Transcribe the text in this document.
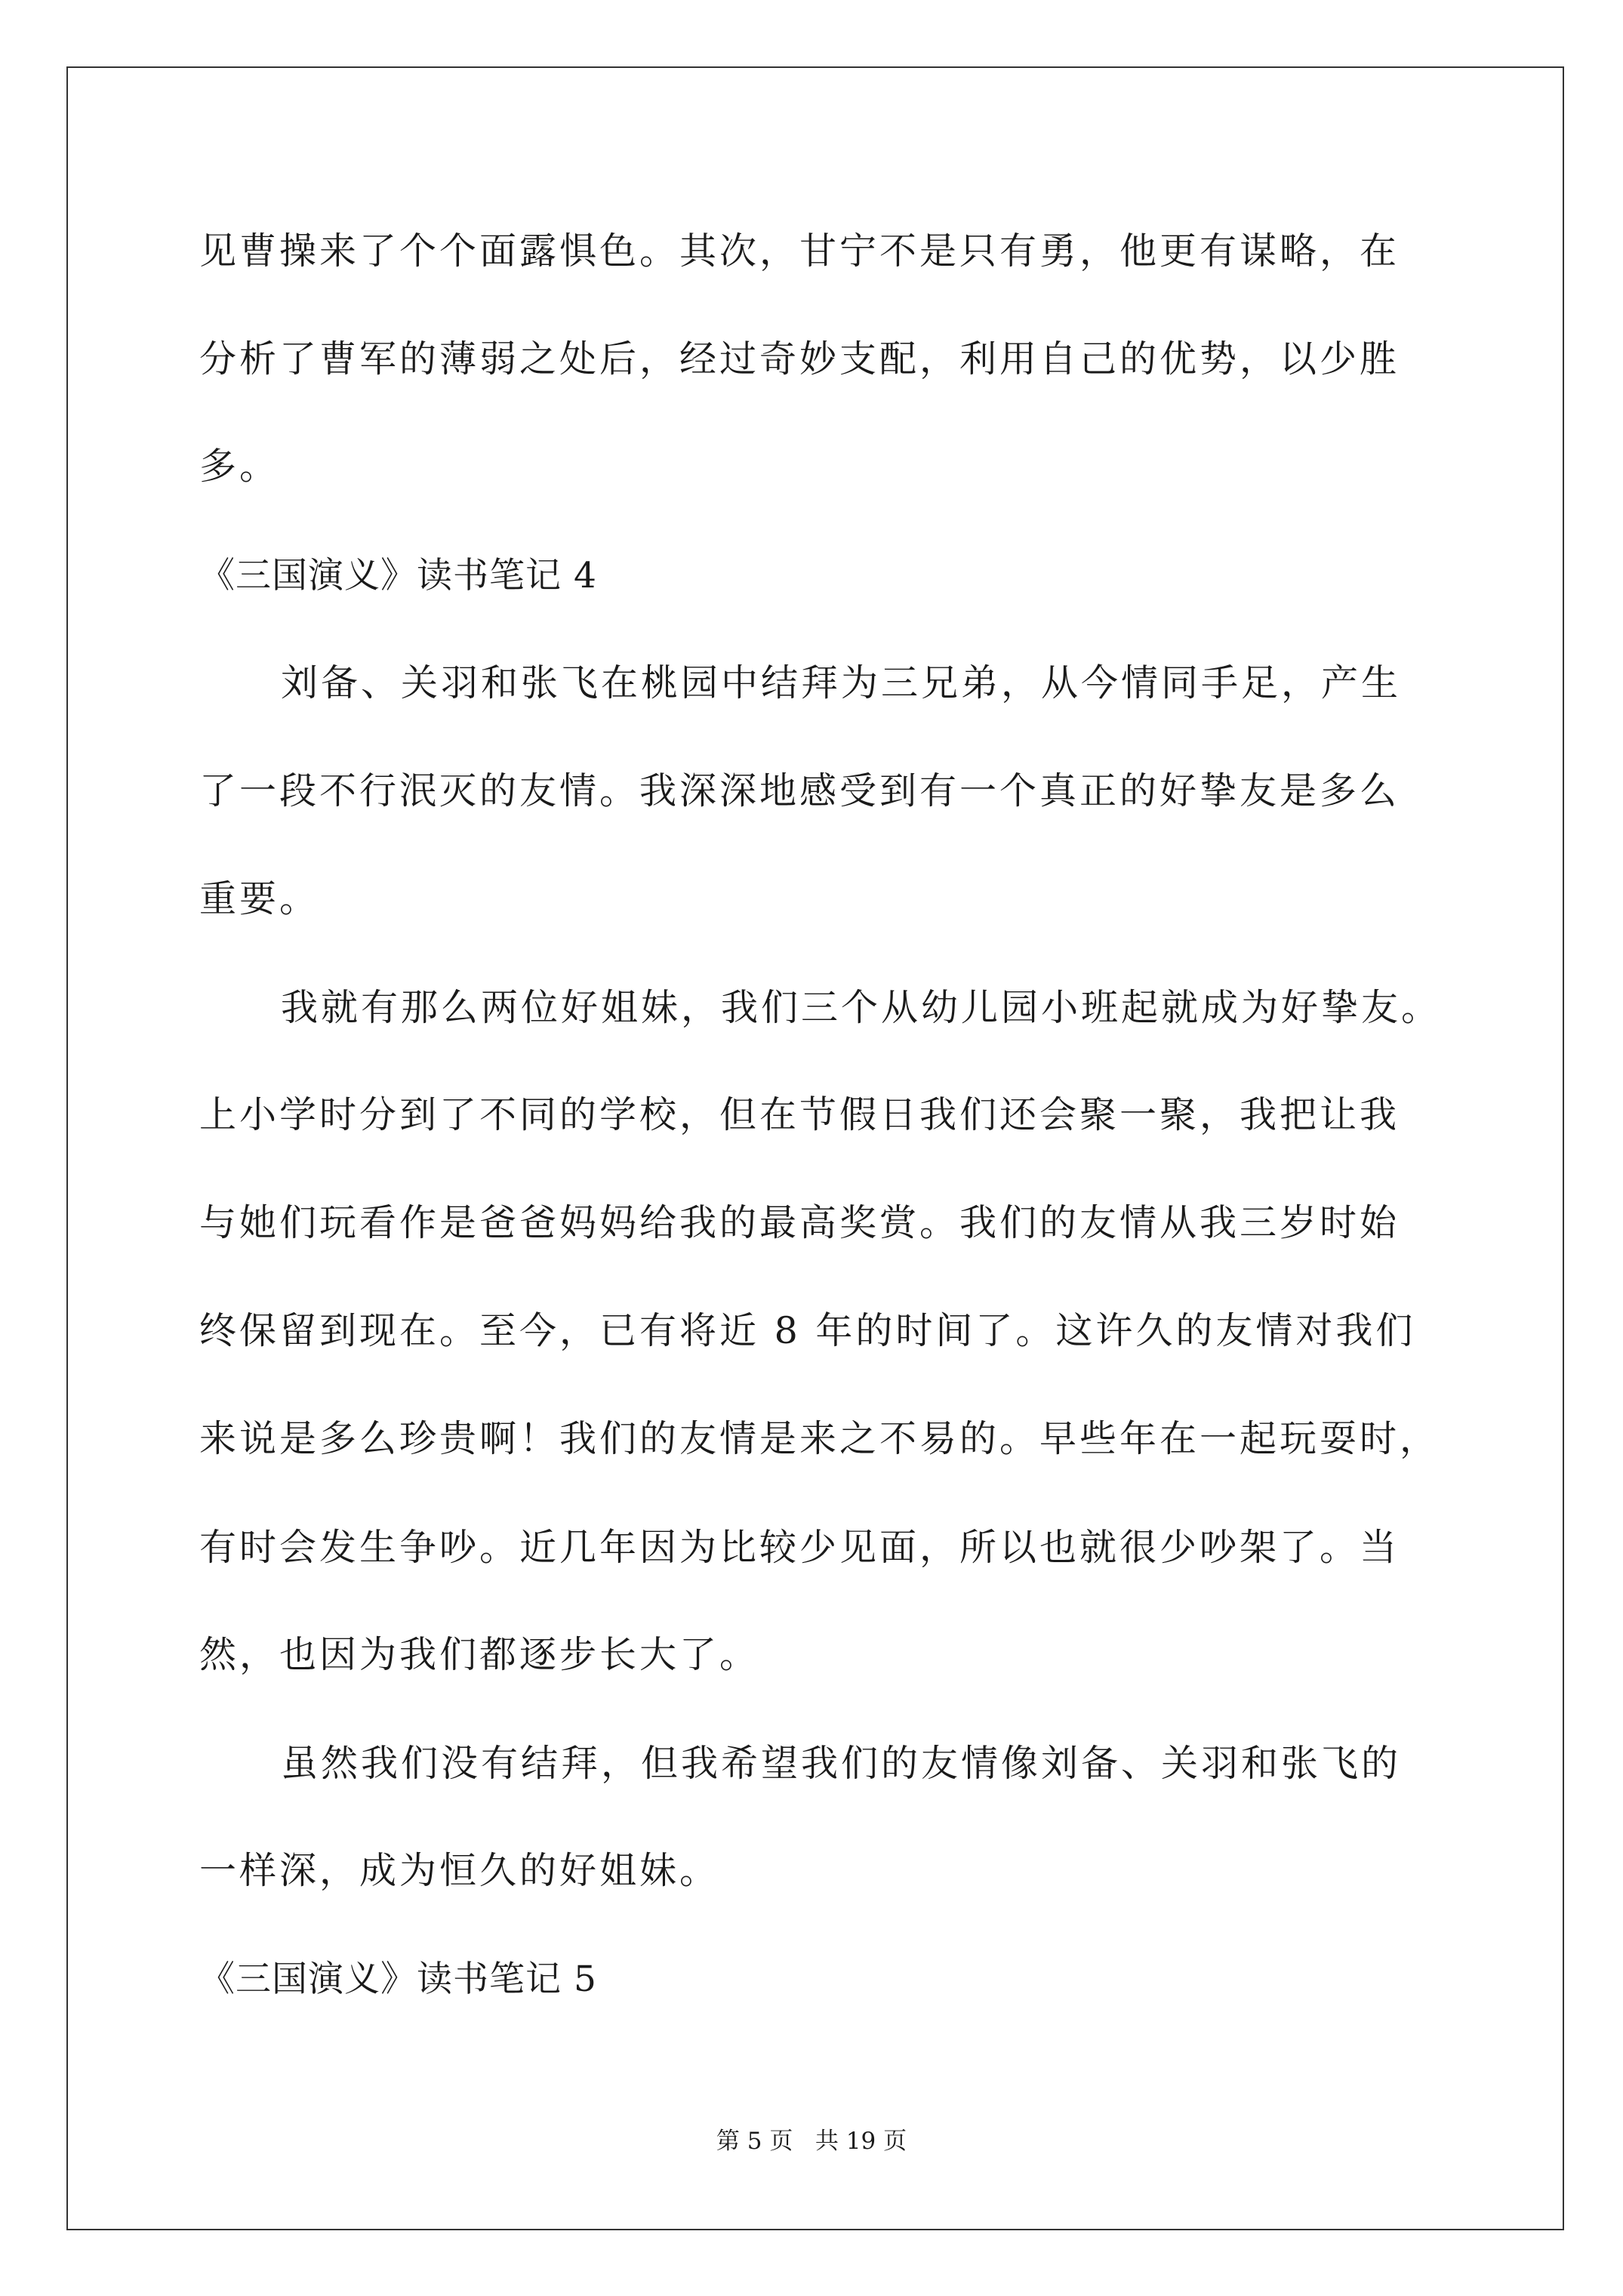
见曹操来了个个面露惧色。其次，甘宁不是只有勇，他更有谋略，在
分析了曹军的薄弱之处后，经过奇妙支配，利用自己的优势，以少胜
多。
《三国演义》读书笔记 4
刘备、关羽和张飞在桃园中结拜为三兄弟，从今情同手足，产生
了一段不行泯灭的友情。我深深地感受到有一个真正的好挚友是多么
重要。
我就有那么两位好姐妹，我们三个从幼儿园小班起就成为好挚友。
上小学时分到了不同的学校，但在节假日我们还会聚一聚，我把让我
与她们玩看作是爸爸妈妈给我的最高奖赏。我们的友情从我三岁时始
终保留到现在。至今，已有将近 8 年的时间了。这许久的友情对我们
来说是多么珍贵啊！我们的友情是来之不易的。早些年在一起玩耍时，
有时会发生争吵。近几年因为比较少见面，所以也就很少吵架了。当
然，也因为我们都逐步长大了。
虽然我们没有结拜，但我希望我们的友情像刘备、关羽和张飞的
一样深，成为恒久的好姐妹。
《三国演义》读书笔记 5
第 5 页   共 19 页
